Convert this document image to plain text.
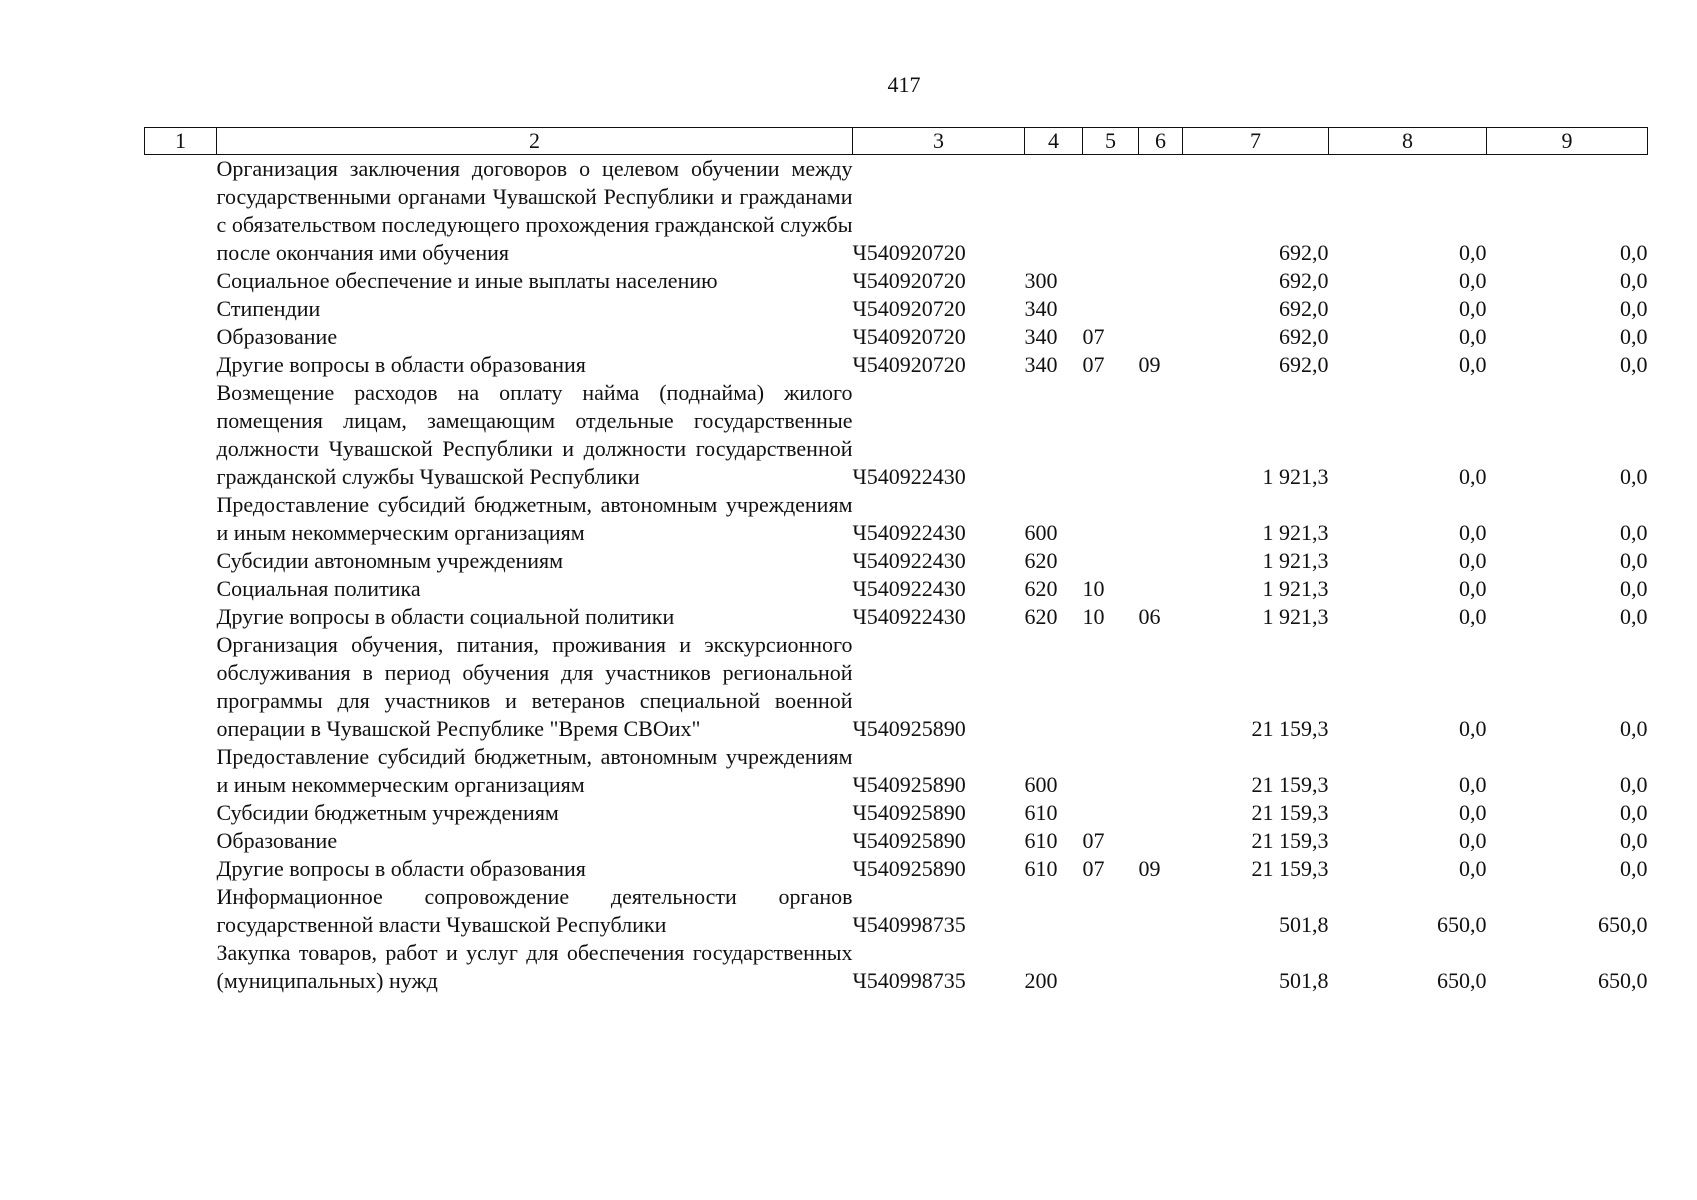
417
1	2	3	4	5	6	7	8	9
	Организация заключения договоров о целевом обучении между государственными органами Чувашской Республики и гражданами с обязательством последующего прохождения гражданской службы после окончания ими обучения	Ч540920720				692,0	0,0	0,0
	Социальное обеспечение и иные выплаты населению	Ч540920720	300			692,0	0,0	0,0
	Стипендии	Ч540920720	340			692,0	0,0	0,0
	Образование	Ч540920720	340	07		692,0	0,0	0,0
	Другие вопросы в области образования	Ч540920720	340	07	09	692,0	0,0	0,0
	Возмещение расходов на оплату найма (поднайма) жилого помещения лицам, замещающим отдельные государственные должности Чувашской Республики и должности государственной гражданской службы Чувашской Республики	Ч540922430				1 921,3	0,0	0,0
	Предоставление субсидий бюджетным, автономным учреждениям и иным некоммерческим организациям	Ч540922430	600			1 921,3	0,0	0,0
	Субсидии автономным учреждениям	Ч540922430	620			1 921,3	0,0	0,0
	Социальная политика	Ч540922430	620	10		1 921,3	0,0	0,0
	Другие вопросы в области социальной политики	Ч540922430	620	10	06	1 921,3	0,0	0,0
	Организация обучения, питания, проживания и экскурсионного обслуживания в период обучения для участников региональной программы для участников и ветеранов специальной военной операции в Чувашской Республике "Время СВОих"	Ч540925890				21 159,3	0,0	0,0
	Предоставление субсидий бюджетным, автономным учреждениям и иным некоммерческим организациям	Ч540925890	600			21 159,3	0,0	0,0
	Субсидии бюджетным учреждениям	Ч540925890	610			21 159,3	0,0	0,0
	Образование	Ч540925890	610	07		21 159,3	0,0	0,0
	Другие вопросы в области образования	Ч540925890	610	07	09	21 159,3	0,0	0,0
	Информационное сопровождение деятельности органов государственной власти Чувашской Республики	Ч540998735				501,8	650,0	650,0
	Закупка товаров, работ и услуг для обеспечения государственных (муниципальных) нужд	Ч540998735	200			501,8	650,0	650,0
